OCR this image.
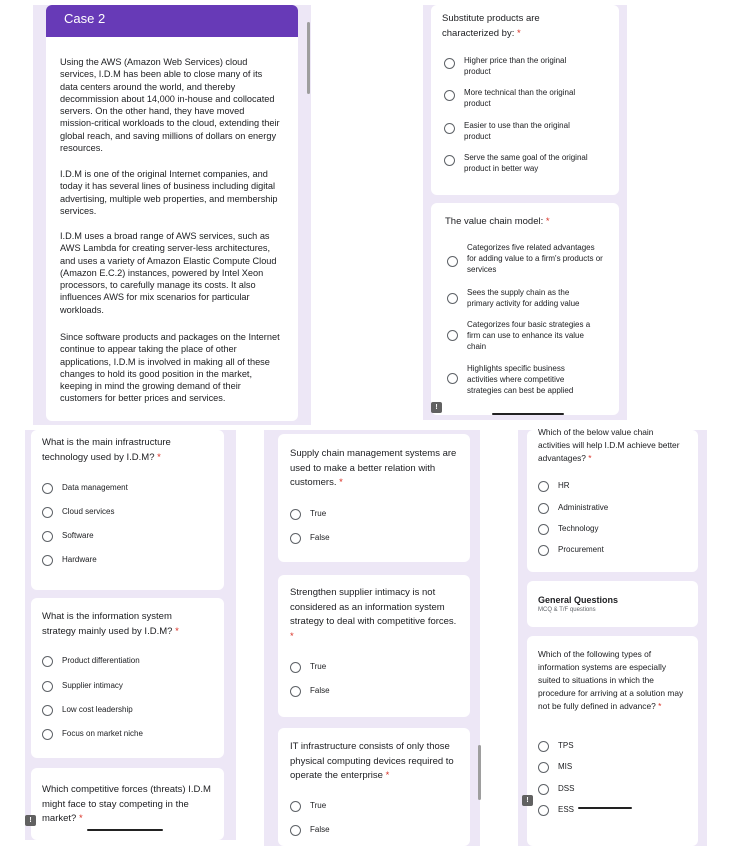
Case 2
Using the AWS (Amazon Web Services) cloud services, I.D.M has been able to close many of its data centers around the world, and thereby decommission about 14,000 in-house and collocated servers. On the other hand, they have moved mission-critical workloads to the cloud, extending their global reach, and saving millions of dollars on energy resources.
I.D.M is one of the original Internet companies, and today it has several lines of business including digital advertising, multiple web properties, and membership services.
I.D.M uses a broad range of AWS services, such as AWS Lambda for creating server-less architectures, and uses a variety of Amazon Elastic Compute Cloud (Amazon E.C.2) instances, powered by Intel Xeon processors, to carefully manage its costs. It also influences AWS for mix scenarios for particular workloads.
Since software products and packages on the Internet continue to appear taking the place of other applications, I.D.M is involved in making all of these changes to hold its good position in the market, keeping in mind the growing demand of their customers for better prices and services.
Substitute products are characterized by: *
Higher price than the original product
More technical than the original product
Easier to use than the original product
Serve the same goal of the original product in better way
The value chain model: *
Categorizes five related advantages for adding value to a firm's products or services
Sees the supply chain as the primary activity for adding value
Categorizes four basic strategies a firm can use to enhance its value chain
Highlights specific business activities where competitive strategies can best be applied
!
What is the main infrastructure technology used by I.D.M? *
Data management
Cloud services
Software
Hardware
What is the information system strategy mainly used by I.D.M? *
Product differentiation
Supplier intimacy
Low cost leadership
Focus on market niche
Which competitive forces (threats) I.D.M might face to stay competing in the market? *
!
Supply chain management systems are used to make a better relation with customers. *
True
False
Strengthen supplier intimacy is not considered as an information system strategy to deal with competitive forces. *
True
False
IT infrastructure consists of only those physical computing devices required to operate the enterprise *
True
False
Which of the below value chain activities will help I.D.M achieve better advantages? *
HR
Administrative
Technology
Procurement
General Questions
MCQ & T/F questions
Which of the following types of information systems are especially suited to situations in which the procedure for arriving at a solution may not be fully defined in advance? *
TPS
MIS
DSS
ESS
!
